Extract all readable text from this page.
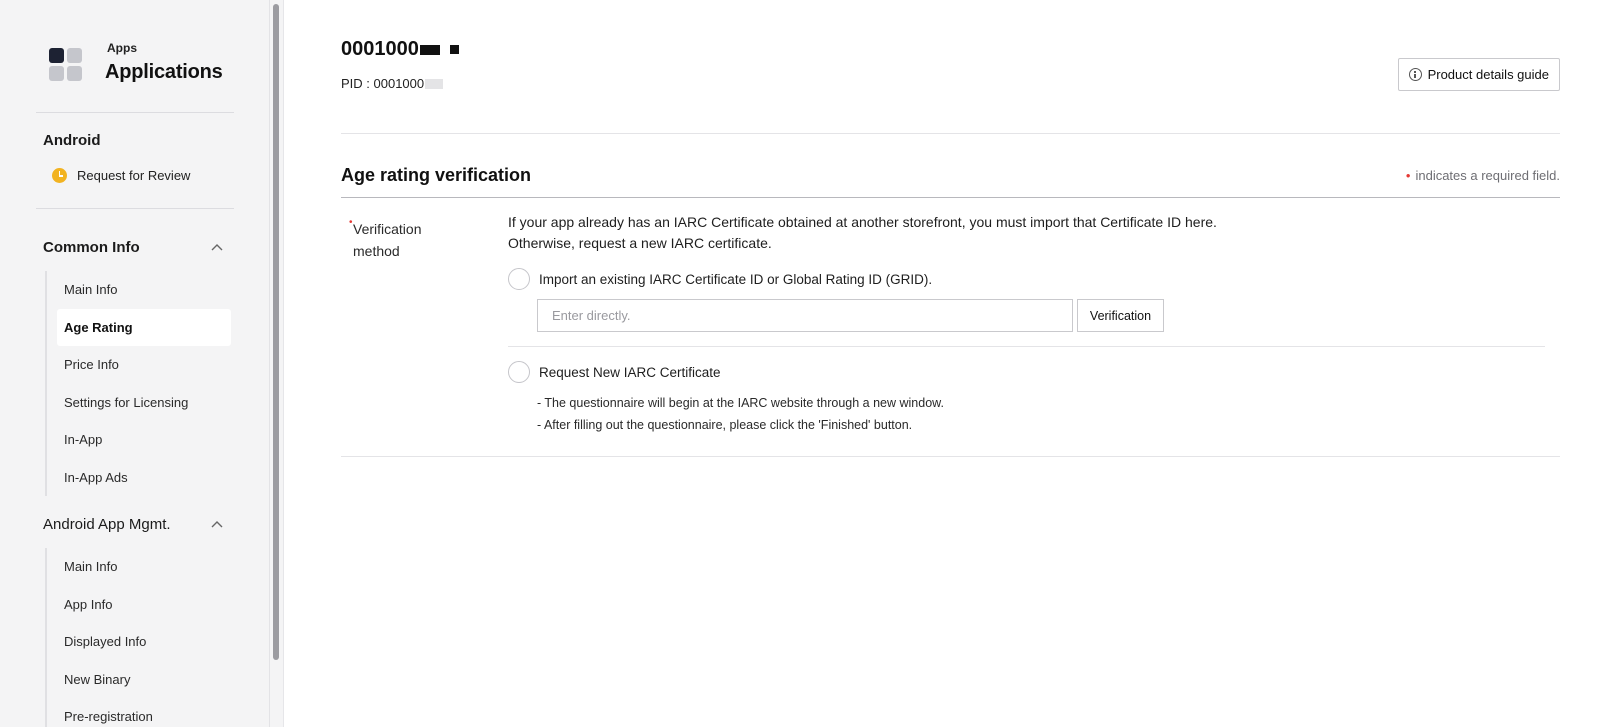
Apps
Applications
Android
Request for Review
Common Info
Main Info
Age Rating
Price Info
Settings for Licensing
In-App
In-App Ads
Android App Mgmt.
Main Info
App Info
Displayed Info
New Binary
Pre-registration
0001000
PID : 0001000
Product details guide
Age rating verification	• indicates a required field.
• Verification method
If your app already has an IARC Certificate obtained at another storefront, you must import that Certificate ID here.
Otherwise, request a new IARC certificate.
Import an existing IARC Certificate ID or Global Rating ID (GRID).
Enter directly.
Verification
Request New IARC Certificate
- The questionnaire will begin at the IARC website through a new window.
- After filling out the questionnaire, please click the 'Finished' button.
